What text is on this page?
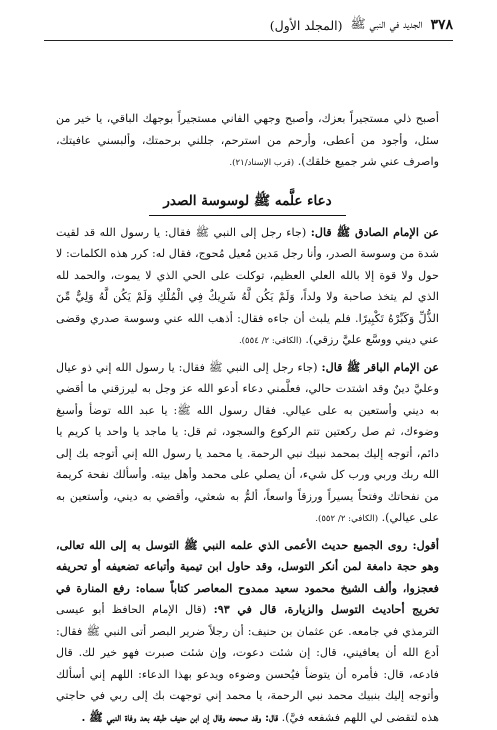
٣٧٨
الجديد في النبي ﷺ
(المجلد الأول)

أصبح ذلي مستجيراً بعزك، وأصبح وجهي الفاني مستجيراً بوجهك الباقي، يا خير من سئل، وأجود من أعطى، وأرحم من استرحم، جللني برحمتك، وألبسني عافيتك، واصرف عني شر جميع خلقك). (قرب الإسناد/٢١).

دعاء علَّمه ﷺ لوسوسة الصدر

عن الإمام الصادق ﷺ قال: (جاء رجل إلى النبي ﷺ فقال: يا رسول الله قد لقيت شدة من وسوسة الصدر، وأنا رجل مَدين مُعيل مُحوج، فقال له: كرر هذه الكلمات: لا حول ولا قوة إلا بالله العلي العظيم، توكلت على الحي الذي لا يموت، والحمد لله الذي لم يتخذ صاحبة ولا ولداً، وَلَمْ يَكُن لَّهُ شَرِيكٌ فِي الْمُلْكِ وَلَمْ يَكُن لَّهُ وَلِيٌّ مِّنَ الذُّلِّ وَكَبِّرْهُ تَكْبِيرًا. فلم يلبث أن جاءه فقال: أذهب الله عني وسوسة صدري وقضى عني ديني ووسَّع عليَّ رزقي). (الكافي: ٢/ ٥٥٤).

عن الإمام الباقر ﷺ قال: (جاء رجل إلى النبي ﷺ فقال: يا رسول الله إني ذو عيال وعليَّ دينٌ وقد اشتدت حالي، فعلَّمني دعاء أدعو الله عز وجل به ليرزقني ما أقضي به ديني وأستعين به على عيالي. فقال رسول الله ﷺ: يا عبد الله توضأ وأسبغ وضوءك، ثم صل ركعتين تتم الركوع والسجود، ثم قل: يا ماجد يا واحد يا كريم يا دائم، أتوجه إليك بمحمد نبيك نبي الرحمة. يا محمد يا رسول الله إني أتوجه بك إلى الله ربك وربي ورب كل شيء، أن يصلي على محمد وأهل بيته. وأسألك نفحة كريمة من نفحاتك وفتحاً يسيراً ورزقاً واسعاً، ألمُّ به شعثي، وأقضي به ديني، وأستعين به على عيالي). (الكافي: ٢/ ٥٥٢).

أقول: روى الجميع حديث الأعمى الذي علمه النبي ﷺ التوسل به إلى الله تعالى، وهو حجة دامغة لمن أنكر التوسل، وقد حاول ابن تيمية وأتباعه تضعيفه أو تحريفه فعجزوا، وألف الشيخ محمود سعيد ممدوح المعاصر كتاباً سماه: رفع المنارة في تخريج أحاديث التوسل والزيارة، قال في ٩٣: (قال الإمام الحافظ أبو عيسى الترمذي في جامعه. عن عثمان بن حنيف: أن رجلاً ضرير البصر أتى النبي ﷺ فقال: أدع الله أن يعافيني، قال: إن شئت دعوت، وإن شئت صبرت فهو خير لك. قال فادعه، قال: فأمره أن يتوضأ فيُحسن وضوءه ويدعو بهذا الدعاء: اللهم إني أسألك وأتوجه إليك بنبيك محمد نبي الرحمة، يا محمد إني توجهت بك إلى ربي في حاجتي هذه لتقضى لي اللهم فشفعه فيَّ). قال: وقد صححه وقال إن ابن حنيف طبقه بعد وفاة النبي ﷺ .
